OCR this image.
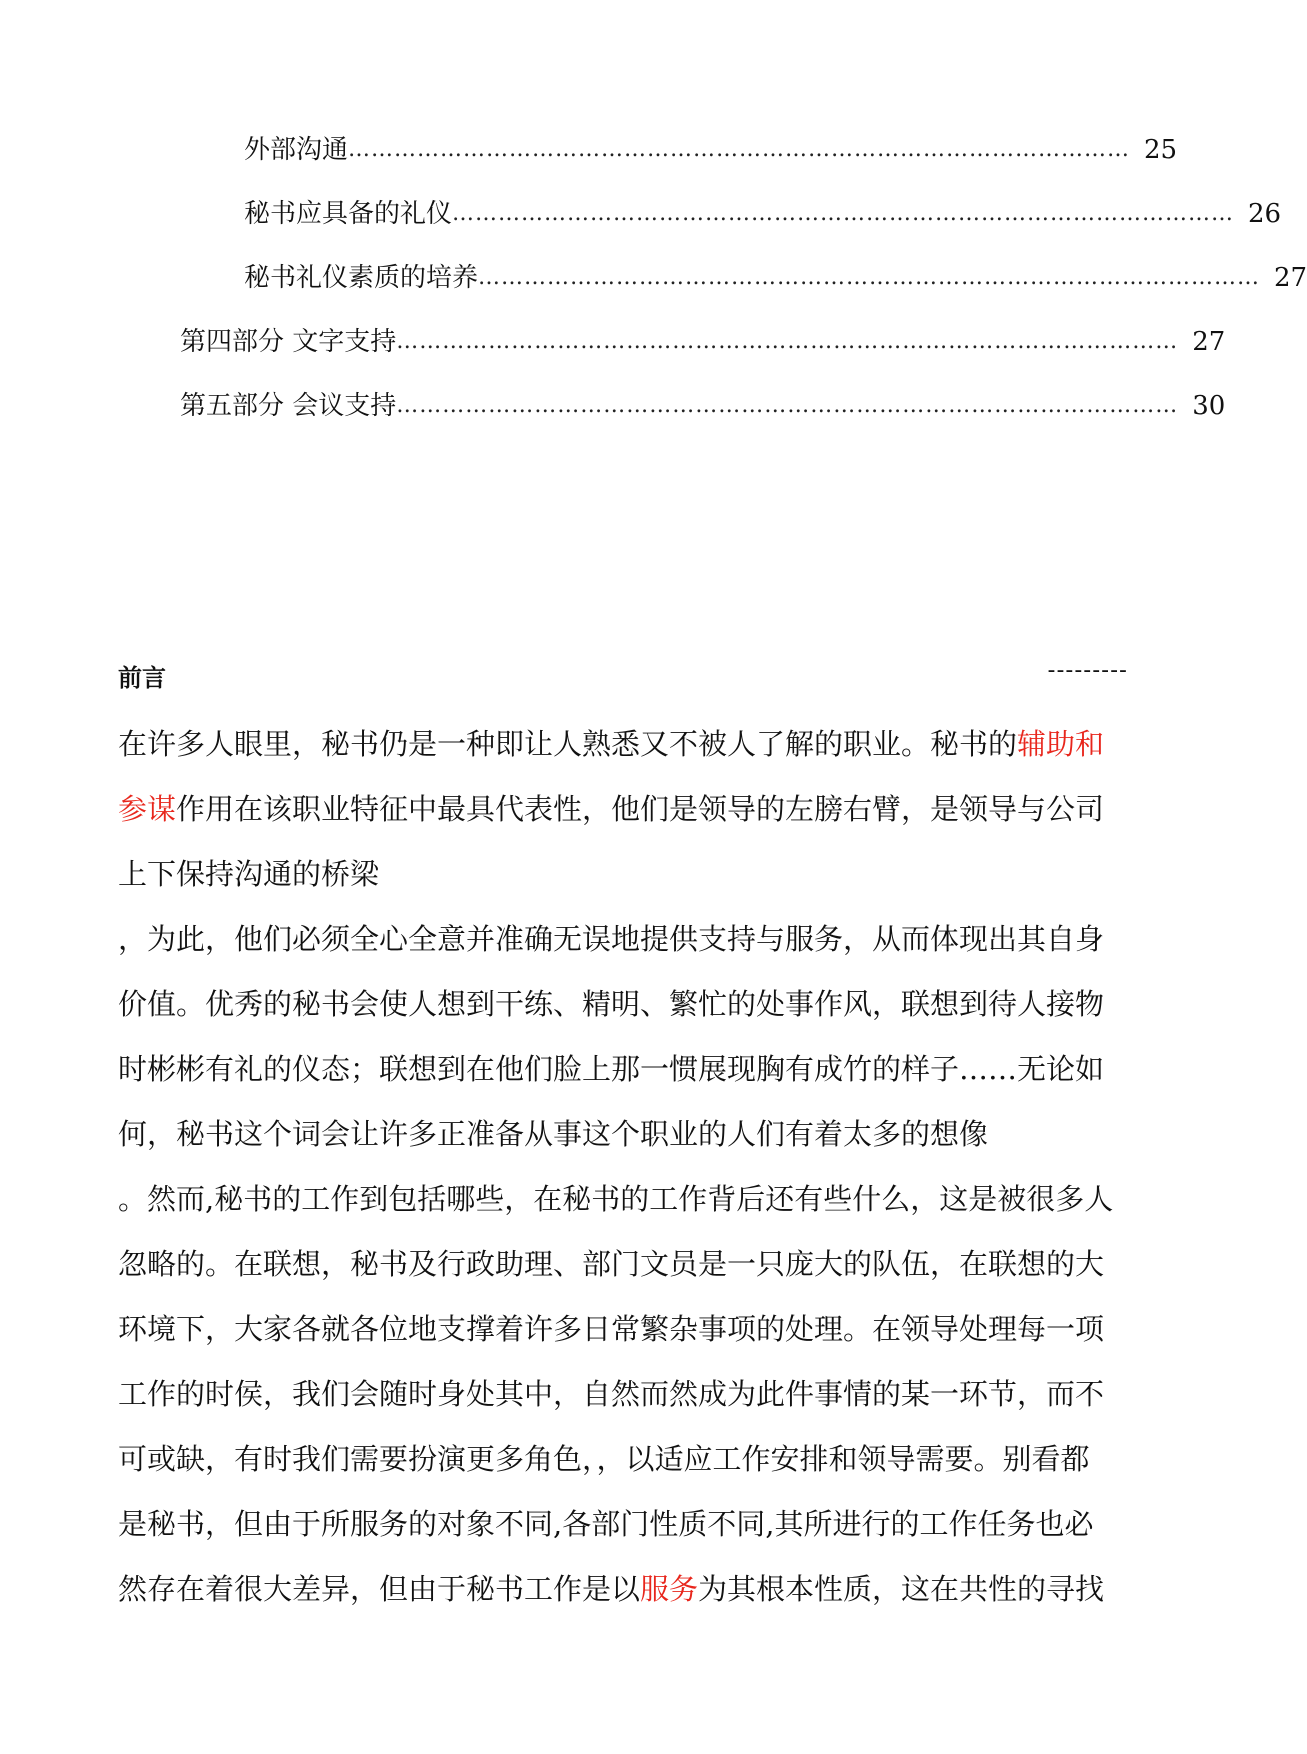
外部沟通 ………………………………………………………………………………………… 25
秘书应具备的礼仪 ………………………………………………………………………………………… 26
秘书礼仪素质的培养 ………………………………………………………………………………………… 27
第四部分 文字支持 ………………………………………………………………………………………… 27
第五部分 会议支持 ………………………………………………………………………………………… 30
前言	---------
在许多人眼里，秘书仍是一种即让人熟悉又不被人了解的职业。秘书的辅助和
参谋作用在该职业特征中最具代表性，他们是领导的左膀右臂，是领导与公司
上下保持沟通的桥梁
，为此，他们必须全心全意并准确无误地提供支持与服务，从而体现出其自身
价值。优秀的秘书会使人想到干练、精明、繁忙的处事作风，联想到待人接物
时彬彬有礼的仪态；联想到在他们脸上那一惯展现胸有成竹的样子……无论如
何，秘书这个词会让许多正准备从事这个职业的人们有着太多的想像
。然而,秘书的工作到包括哪些，在秘书的工作背后还有些什么，这是被很多人
忽略的。在联想，秘书及行政助理、部门文员是一只庞大的队伍，在联想的大
环境下，大家各就各位地支撑着许多日常繁杂事项的处理。在领导处理每一项
工作的时侯，我们会随时身处其中，自然而然成为此件事情的某一环节，而不
可或缺，有时我们需要扮演更多角色，，以适应工作安排和领导需要。别看都
是秘书，但由于所服务的对象不同,各部门性质不同,其所进行的工作任务也必
然存在着很大差异，但由于秘书工作是以服务为其根本性质，这在共性的寻找
